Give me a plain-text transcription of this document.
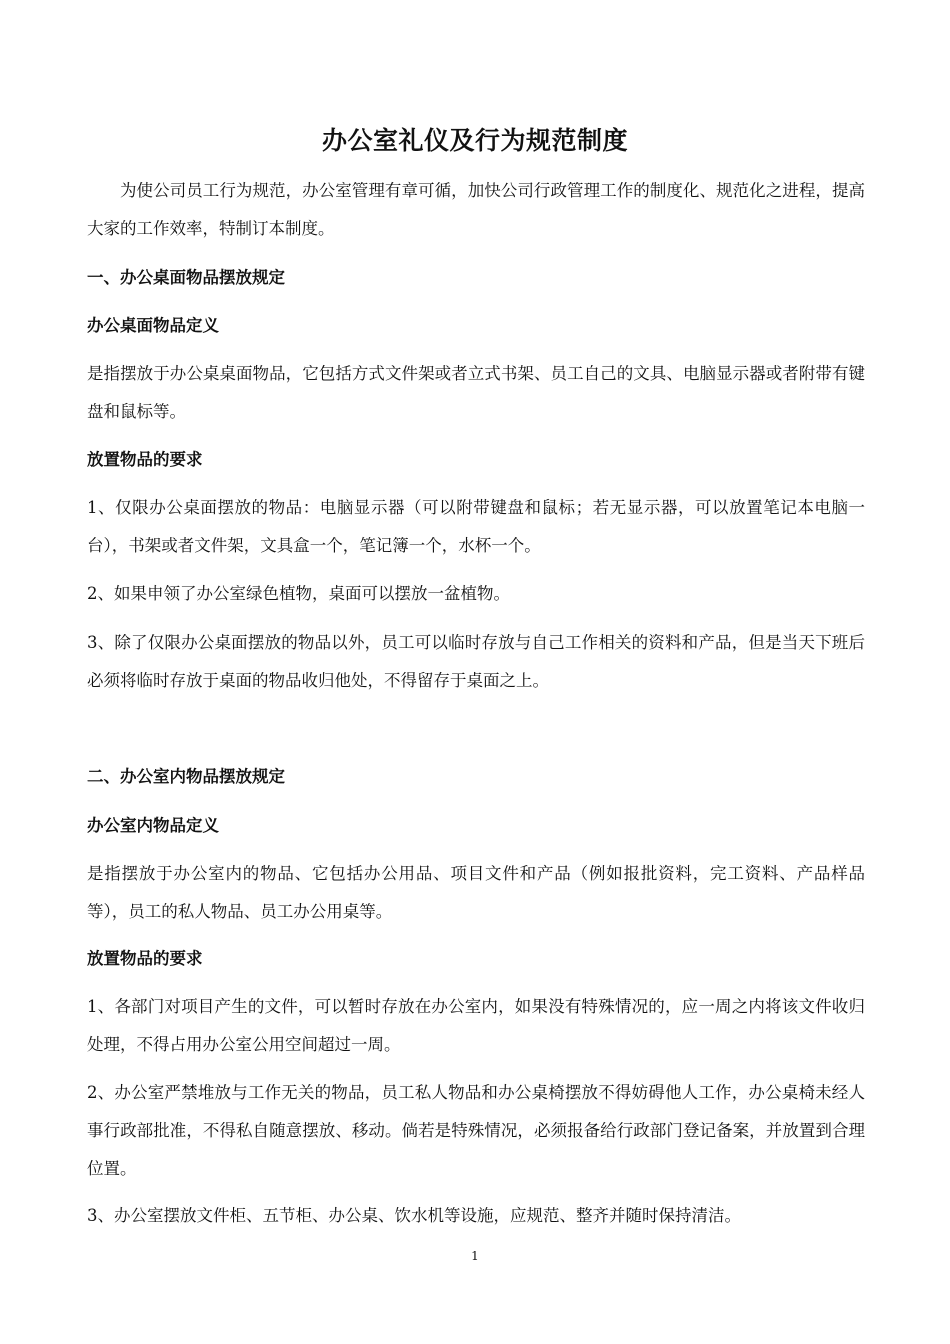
办公室礼仪及行为规范制度
为使公司员工行为规范，办公室管理有章可循，加快公司行政管理工作的制度化、规范化之进程，提高大家的工作效率，特制订本制度。
一、办公桌面物品摆放规定
办公桌面物品定义
是指摆放于办公桌桌面物品，它包括方式文件架或者立式书架、员工自己的文具、电脑显示器或者附带有键盘和鼠标等。
放置物品的要求
1、仅限办公桌面摆放的物品：电脑显示器（可以附带键盘和鼠标；若无显示器，可以放置笔记本电脑一台），书架或者文件架，文具盒一个，笔记簿一个，水杯一个。
2、如果申领了办公室绿色植物，桌面可以摆放一盆植物。
3、除了仅限办公桌面摆放的物品以外，员工可以临时存放与自己工作相关的资料和产品，但是当天下班后必须将临时存放于桌面的物品收归他处，不得留存于桌面之上。
二、办公室内物品摆放规定
办公室内物品定义
是指摆放于办公室内的物品、它包括办公用品、项目文件和产品（例如报批资料，完工资料、产品样品等），员工的私人物品、员工办公用桌等。
放置物品的要求
1、各部门对项目产生的文件，可以暂时存放在办公室内，如果没有特殊情况的，应一周之内将该文件收归处理，不得占用办公室公用空间超过一周。
2、办公室严禁堆放与工作无关的物品，员工私人物品和办公桌椅摆放不得妨碍他人工作，办公桌椅未经人事行政部批准，不得私自随意摆放、移动。倘若是特殊情况，必须报备给行政部门登记备案，并放置到合理位置。
3、办公室摆放文件柜、五节柜、办公桌、饮水机等设施，应规范、整齐并随时保持清洁。
1
